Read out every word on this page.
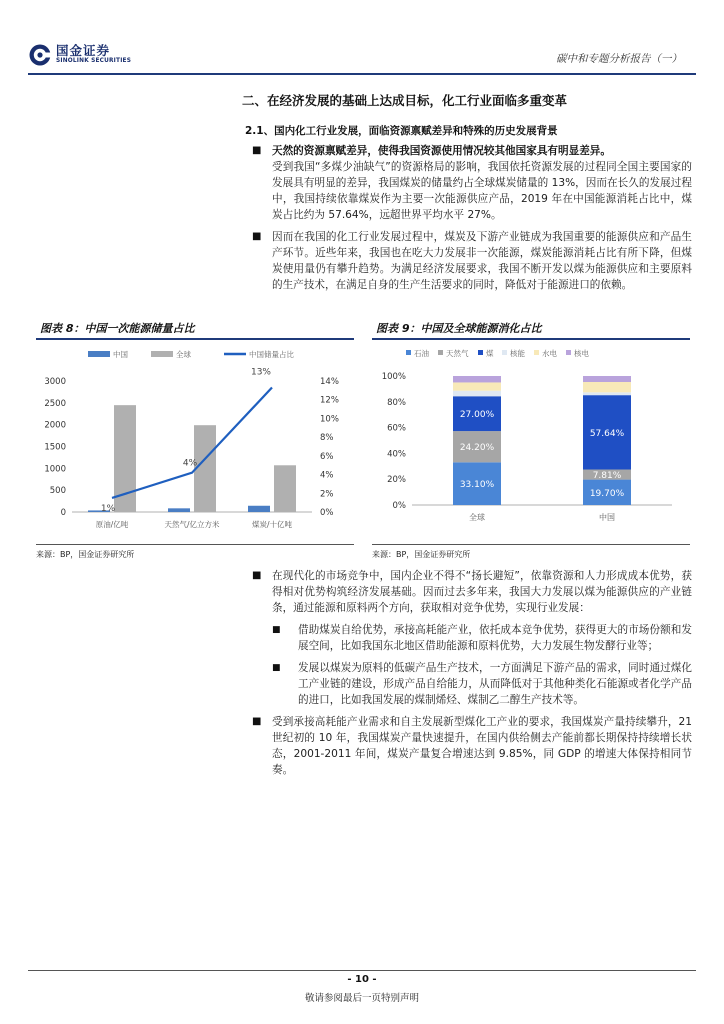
国金证券
SINOLINK SECURITIES	碳中和专题分析报告（一）
二、在经济发展的基础上达成目标，化工行业面临多重变革
2.1、国内化工行业发展，面临资源禀赋差异和特殊的历史发展背景
■ 天然的资源禀赋差异，使得我国资源使用情况较其他国家具有明显差异。
受到我国“多煤少油缺气”的资源格局的影响，我国依托资源发展的过程同全国主要国家的发展具有明显的差异，我国煤炭的储量约占全球煤炭储量的 13%，因而在长久的发展过程中，我国持续依靠煤炭作为主要一次能源供应产品，2019 年在中国能源消耗占比中，煤炭占比约为 57.64%，远超世界平均水平 27%。
■ 因而在我国的化工行业发展过程中，煤炭及下游产业链成为我国重要的能源供应和产品生产环节。近些年来，我国也在吃大力发展非一次能源，煤炭能源消耗占比有所下降，但煤炭使用量仍有攀升趋势。为满足经济发展要求，我国不断开发以煤为能源供应和主要原料的生产技术，在满足自身的生产生活要求的同时，降低对于能源进口的依赖。
图表 8：中国一次能源储量占比	图表 9：中国及全球能源消化占比
中国	全球	中国储量占比
0
500
1000
1500
2000
2500
3000
0%
2%
4%
6%
8%
10%
12%
14%
原油/亿吨	天然气/亿立方米	煤炭/十亿吨
1%
4%
13%
石油 天然气 煤 核能 水电 核电
0%
20%
40%
60%
80%
100%
全球	中国
33.10%
24.20%
27.00%
19.70%
7.81%
57.64%
来源：BP，国金证券研究所	来源：BP，国金证券研究所
■ 在现代化的市场竞争中，国内企业不得不“扬长避短”，依靠资源和人力形成成本优势，获得相对优势构筑经济发展基础。因而过去多年来，我国大力发展以煤为能源供应的产业链条，通过能源和原料两个方向，获取相对竞争优势，实现行业发展：
■ 借助煤炭自给优势，承接高耗能产业，依托成本竞争优势，获得更大的市场份额和发展空间，比如我国东北地区借助能源和原料优势，大力发展生物发酵行业等；
■ 发展以煤炭为原料的低碳产品生产技术，一方面满足下游产品的需求，同时通过煤化工产业链的建设，形成产品自给能力，从而降低对于其他种类化石能源或者化学产品的进口，比如我国发展的煤制烯烃、煤制乙二醇生产技术等。
■ 受到承接高耗能产业需求和自主发展新型煤化工产业的要求，我国煤炭产量持续攀升，21 世纪初的 10 年，我国煤炭产量快速提升，在国内供给侧去产能前都长期保持持续增长状态，2001-2011 年间，煤炭产量复合增速达到 9.85%，同 GDP 的增速大体保持相同节奏。
- 10 -
敬请参阅最后一页特别声明
